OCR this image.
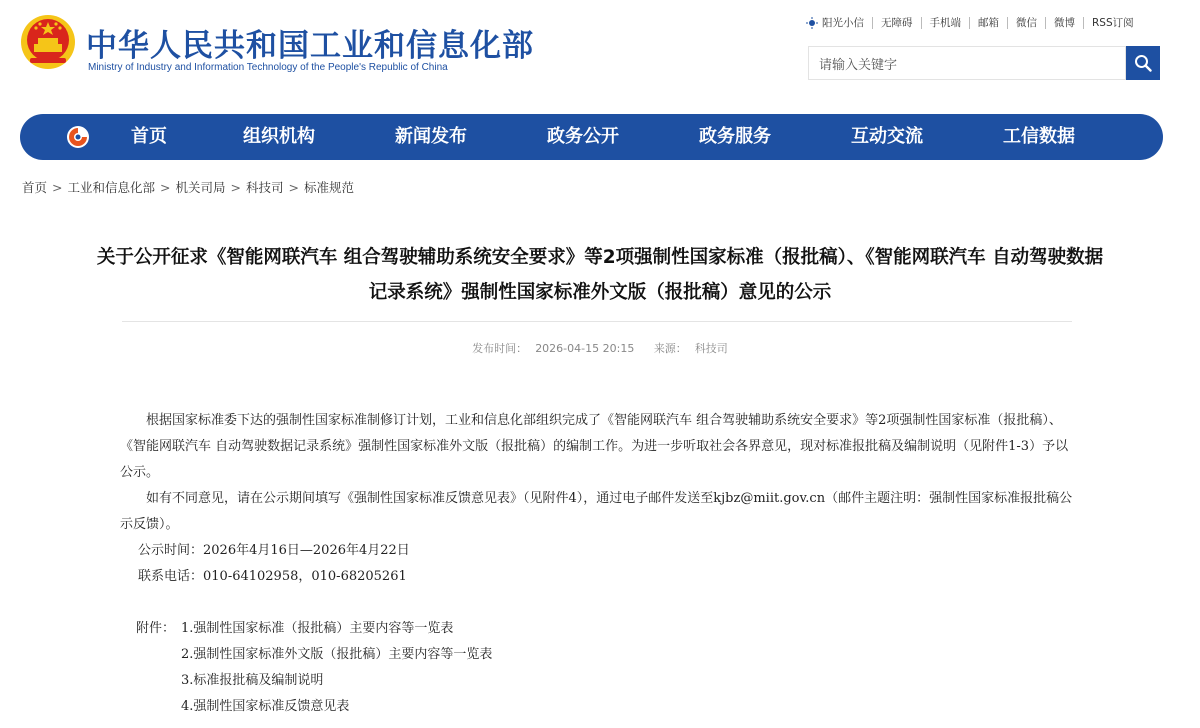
中华人民共和国工业和信息化部
Ministry of Industry and Information Technology of the People's Republic of China
阳光小信	无障碍	手机端	邮箱	微信	微博	RSS订阅
请输入关键字
首页	组织机构	新闻发布	政务公开	政务服务	互动交流	工信数据
首页 > 工业和信息化部 > 机关司局 > 科技司 > 标准规范
关于公开征求《智能网联汽车 组合驾驶辅助系统安全要求》等2项强制性国家标准（报批稿）、《智能网联汽车 自动驾驶数据记录系统》强制性国家标准外文版（报批稿）意见的公示
发布时间： 2026-04-15 20:15 来源： 科技司

根据国家标准委下达的强制性国家标准制修订计划，工业和信息化部组织完成了《智能网联汽车 组合驾驶辅助系统安全要求》等2项强制性国家标准（报批稿）、《智能网联汽车 自动驾驶数据记录系统》强制性国家标准外文版（报批稿）的编制工作。为进一步听取社会各界意见，现对标准报批稿及编制说明（见附件1-3）予以公示。

如有不同意见，请在公示期间填写《强制性国家标准反馈意见表》（见附件4），通过电子邮件发送至kjbz@miit.gov.cn（邮件主题注明：强制性国家标准报批稿公示反馈）。

公示时间：2026年4月16日—2026年4月22日
联系电话：010-64102958，010-68205261
附件： 1.强制性国家标准（报批稿）主要内容等一览表
2.强制性国家标准外文版（报批稿）主要内容等一览表
3.标准报批稿及编制说明
4.强制性国家标准反馈意见表
